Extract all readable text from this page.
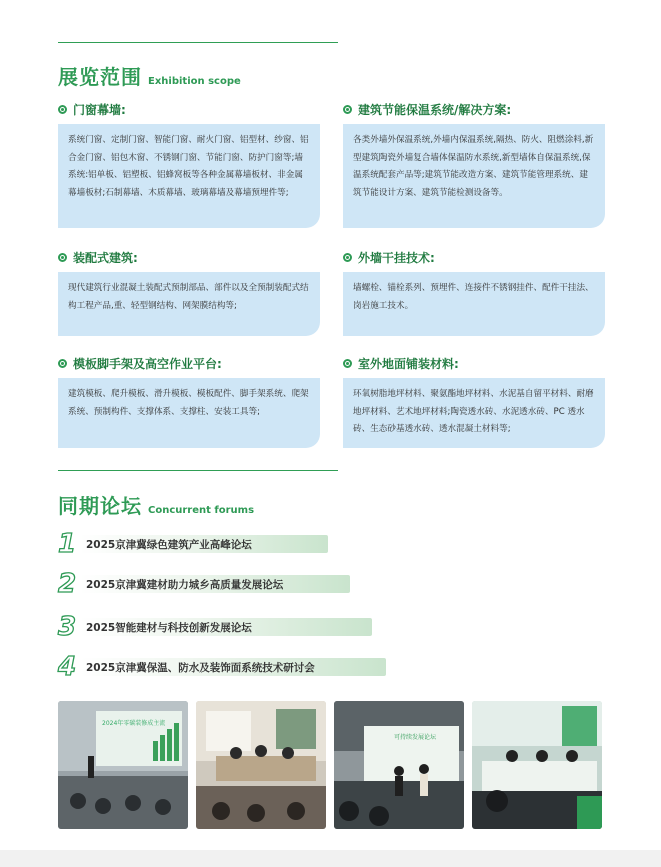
展览范围 Exhibition scope
门窗幕墙:
系统门窗、定制门窗、智能门窗、耐火门窗、铝型材、纱窗、铝合金门窗、铝包木窗、不锈钢门窗、节能门窗、防护门窗等;墙系统:铝单板、铝塑板、铝蜂窝板等各种金属幕墙板材、非金属幕墙板材;石制幕墙、木质幕墙、玻璃幕墙及幕墙预埋件等;
建筑节能保温系统/解决方案:
各类外墙外保温系统,外墙内保温系统,隔热、防火、阻燃涂料,新型建筑陶瓷外墙复合墙体保温防水系统,新型墙体自保温系统,保温系统配套产品等;建筑节能改造方案、建筑节能管理系统、建筑节能设计方案、建筑节能检测设备等。
装配式建筑:
现代建筑行业混凝土装配式预制部品、部件以及全预制装配式结构工程产品,重、轻型钢结构、网架膜结构等;
外墙干挂技术:
墙螺栓、锚栓系列、预埋件、连接件不锈钢挂件、配件干挂法、岗岩施工技术。
模板脚手架及高空作业平台:
建筑模板、爬升模板、滑升模板、模板配件、脚手架系统、爬架系统、预制构件、支撑体系、支撑柱、安装工具等;
室外地面铺装材料:
环氧树脂地坪材料、聚氨酯地坪材料、水泥基自留平材料、耐磨地坪材料、艺术地坪材料;陶瓷透水砖、水泥透水砖、PC 透水砖、生态砂基透水砖、透水混凝土材料等;
同期论坛 Concurrent forums
1 2025京津冀绿色建筑产业高峰论坛
2 2025京津冀建材助力城乡高质量发展论坛
3 2025智能建材与科技创新发展论坛
4 2025京津冀保温、防水及装饰面系统技术研讨会
2024年零碳装修成主流
可持续发展论坛
